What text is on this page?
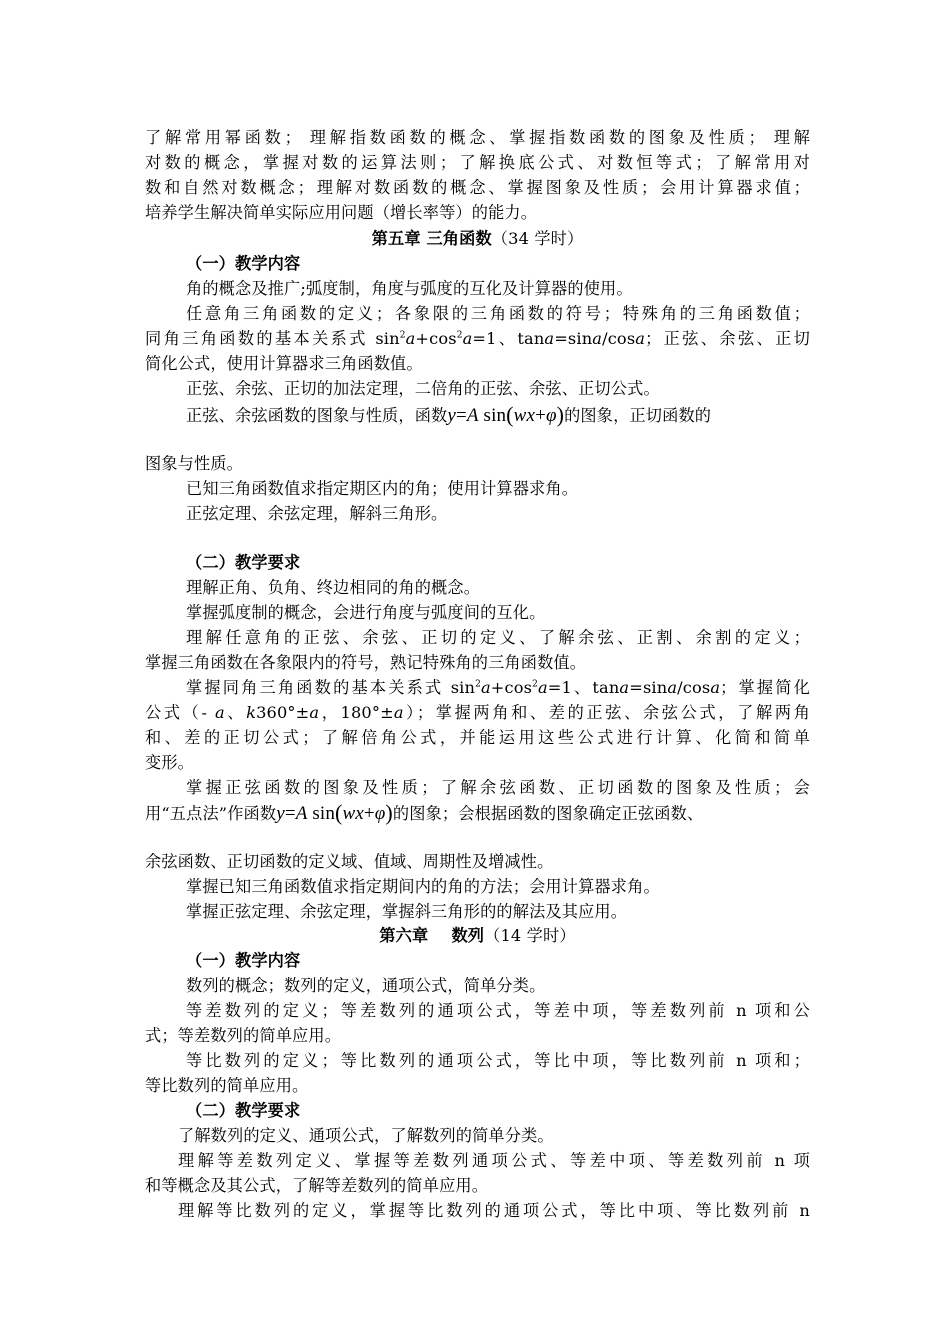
了解常用幂函数； 理解指数函数的概念、掌握指数函数的图象及性质； 理解
对数的概念，掌握对数的运算法则；了解换底公式、对数恒等式；了解常用对
数和自然对数概念；理解对数函数的概念、掌握图象及性质；会用计算器求值；
培养学生解决简单实际应用问题（增长率等）的能力。
第五章 三角函数（34 学时）
（一）教学内容
角的概念及推广;弧度制，角度与弧度的互化及计算器的使用。
任意角三角函数的定义；各象限的三角函数的符号；特殊角的三角函数值；
同角三角函数的基本关系式 $\sin^2a+\cos^2a=1$、tana=sina/cosa；正弦、余弦、正切
简化公式，使用计算器求三角函数值。
正弦、余弦、正切的加法定理，二倍角的正弦、余弦、正切公式。
正弦、余弦函数的图象与性质，函数y=A sin(wx+φ)的图象，正切函数的
图象与性质。
已知三角函数值求指定期区内的角；使用计算器求角。
正弦定理、余弦定理，解斜三角形。
（二）教学要求
理解正角、负角、终边相同的角的概念。
掌握弧度制的概念，会进行角度与弧度间的互化。
理解任意角的正弦、余弦、正切的定义、了解余弦、正割、余割的定义；
掌握三角函数在各象限内的符号，熟记特殊角的三角函数值。
掌握同角三角函数的基本关系式 $\sin^2a+\cos^2a=1$、tana=sina/cosa；掌握简化
公式（- a、k360°±a，180°±a）；掌握两角和、差的正弦、余弦公式，了解两角
和、差的正切公式；了解倍角公式，并能运用这些公式进行计算、化简和简单
变形。
掌握正弦函数的图象及性质；了解余弦函数、正切函数的图象及性质；会
用“五点法”作函数y=A sin(wx+φ)的图象；会根据函数的图象确定正弦函数、
余弦函数、正切函数的定义域、值域、周期性及增减性。
掌握已知三角函数值求指定期间内的角的方法；会用计算器求角。
掌握正弦定理、余弦定理，掌握斜三角形的的解法及其应用。
第六章    数列（14 学时）
（一）教学内容
数列的概念；数列的定义，通项公式，简单分类。
等差数列的定义；等差数列的通项公式，等差中项，等差数列前 n 项和公
式；等差数列的简单应用。
等比数列的定义；等比数列的通项公式，等比中项，等比数列前 n 项和；
等比数列的简单应用。
（二）教学要求
了解数列的定义、通项公式，了解数列的简单分类。
理解等差数列定义、掌握等差数列通项公式、等差中项、等差数列前 n 项
和等概念及其公式，了解等差数列的简单应用。
理解等比数列的定义，掌握等比数列的通项公式，等比中项、等比数列前 n
